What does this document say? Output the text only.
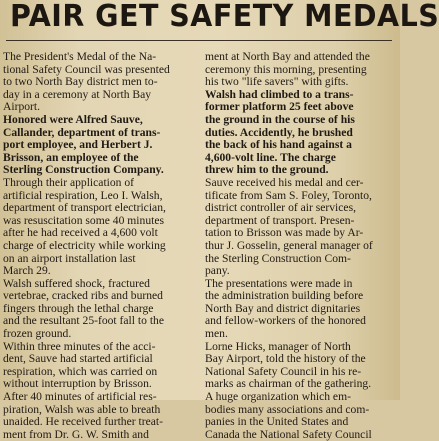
PAIR GET SAFETY MEDALS
The President's Medal of the Na-
tional Safety Council was presented
to two North Bay district men to-
day in a ceremony at North Bay
Airport.
Honored were Alfred Sauve,
Callander, department of trans-
port employee, and Herbert J.
Brisson, an employee of the
Sterling Construction Company.
Through their application of
artificial respiration, Leo I. Walsh,
department of transport electrician,
was resuscitation some 40 minutes
after he had received a 4,600 volt
charge of electricity while working
on an airport installation last
March 29.
Walsh suffered shock, fractured
vertebrae, cracked ribs and burned
fingers through the lethal charge
and the resultant 25-foot fall to the
frozen ground.
Within three minutes of the acci-
dent, Sauve had started artificial
respiration, which was carried on
without interruption by Brisson.
After 40 minutes of artificial res-
piration, Walsh was able to breath
unaided. He received further treat-
ment from Dr. G. W. Smith and
ment at North Bay and attended the
ceremony this morning, presenting
his two "life savers" with gifts.
Walsh had climbed to a trans-
former platform 25 feet above
the ground in the course of his
duties. Accidently, he brushed
the back of his hand against a
4,600-volt line. The charge
threw him to the ground.
Sauve received his medal and cer-
tificate from Sam S. Foley, Toronto,
district controller of air services,
department of transport. Presen-
tation to Brisson was made by Ar-
thur J. Gosselin, general manager of
the Sterling Construction Com-
pany.
The presentations were made in
the administration building before
North Bay and district dignitaries
and fellow-workers of the honored
men.
Lorne Hicks, manager of North
Bay Airport, told the history of the
National Safety Council in his re-
marks as chairman of the gathering.
A huge organization which em-
bodies many associations and com-
panies in the United States and
Canada the National Safety Council
